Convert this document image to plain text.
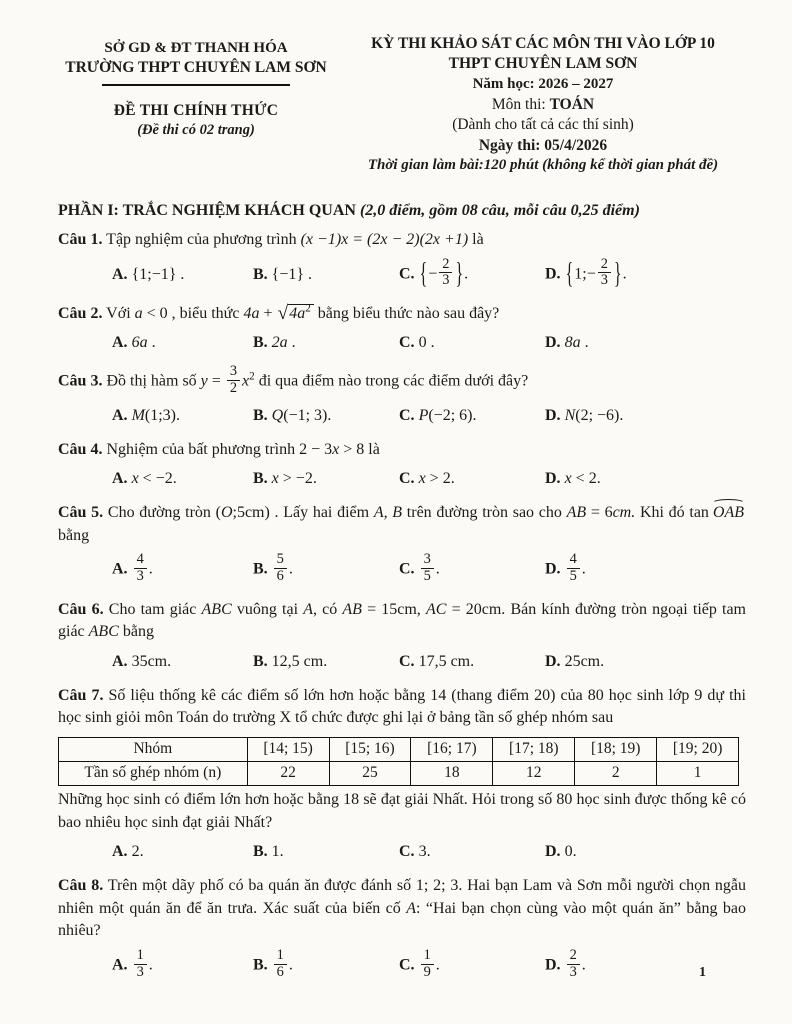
SỞ GD & ĐT THANH HÓA
TRƯỜNG THPT CHUYÊN LAM SƠN
ĐỀ THI CHÍNH THỨC
(Đề thi có 02 trang)
KỲ THI KHẢO SÁT CÁC MÔN THI VÀO LỚP 10
THPT CHUYÊN LAM SƠN
Năm học: 2026 – 2027
Môn thi: TOÁN
(Dành cho tất cả các thí sinh)
Ngày thi: 05/4/2026
Thời gian làm bài:120 phút (không kể thời gian phát đề)
PHẦN I: TRẮC NGHIỆM KHÁCH QUAN (2,0 điểm, gồm 08 câu, mỗi câu 0,25 điểm)
Câu 1. Tập nghiệm của phương trình (x −1)x = (2x − 2)(2x +1) là
A. {1;−1} .	B. {−1} .	C. {− $\frac{2}{3}$ }.	D. {1;− $\frac{2}{3}$ }.
Câu 2. Với a < 0 , biểu thức $4a + √4a^2$ bằng biểu thức nào sau đây?
A. 6a .	B. 2a .	C. 0 .	D. 8a .
Câu 3. Đồ thị hàm số $y = \frac{3}{2} x^2$ đi qua điểm nào trong các điểm dưới đây?
A. M(1;3).	B. Q(−1; 3).	C. P(−2; 6).	D. N(2; −6).
Câu 4. Nghiệm của bất phương trình 2 − 3x > 8 là
A. x < −2.	B. x > −2.	C. x > 2.	D. x < 2.
Câu 5. Cho đường tròn (O;5cm) . Lấy hai điểm A, B trên đường tròn sao cho AB = 6cm. Khi đó tan OAB bằng
A. $\frac{4}{3}$ .	B. $\frac{5}{6}$ .	C. $\frac{3}{5}$ .	D. $\frac{4}{5}$ .
Câu 6. Cho tam giác ABC vuông tại A, có AB = 15cm, AC = 20cm. Bán kính đường tròn ngoại tiếp tam giác ABC bằng
A. 35cm.	B. 12,5 cm.	C. 17,5 cm.	D. 25cm.
Câu 7. Số liệu thống kê các điểm số lớn hơn hoặc bằng 14 (thang điểm 20) của 80 học sinh lớp 9 dự thi học sinh giỏi môn Toán do trường X tổ chức được ghi lại ở bảng tần số ghép nhóm sau
Nhóm	[14; 15)	[15; 16)	[16; 17)	[17; 18)	[18; 19)	[19; 20)
Tần số ghép nhóm (n)	22	25	18	12	2	1
Những học sinh có điểm lớn hơn hoặc bằng 18 sẽ đạt giải Nhất. Hỏi trong số 80 học sinh được thống kê có bao nhiêu học sinh đạt giải Nhất?
A. 2.	B. 1.	C. 3.	D. 0.
Câu 8. Trên một dãy phố có ba quán ăn được đánh số 1; 2; 3. Hai bạn Lam và Sơn mỗi người chọn ngẫu nhiên một quán ăn để ăn trưa. Xác suất của biến cố A: “Hai bạn chọn cùng vào một quán ăn” bằng bao nhiêu?
A. $\frac{1}{3}$ .	B. $\frac{1}{6}$ .	C. $\frac{1}{9}$ .	D. $\frac{2}{3}$ .	1
